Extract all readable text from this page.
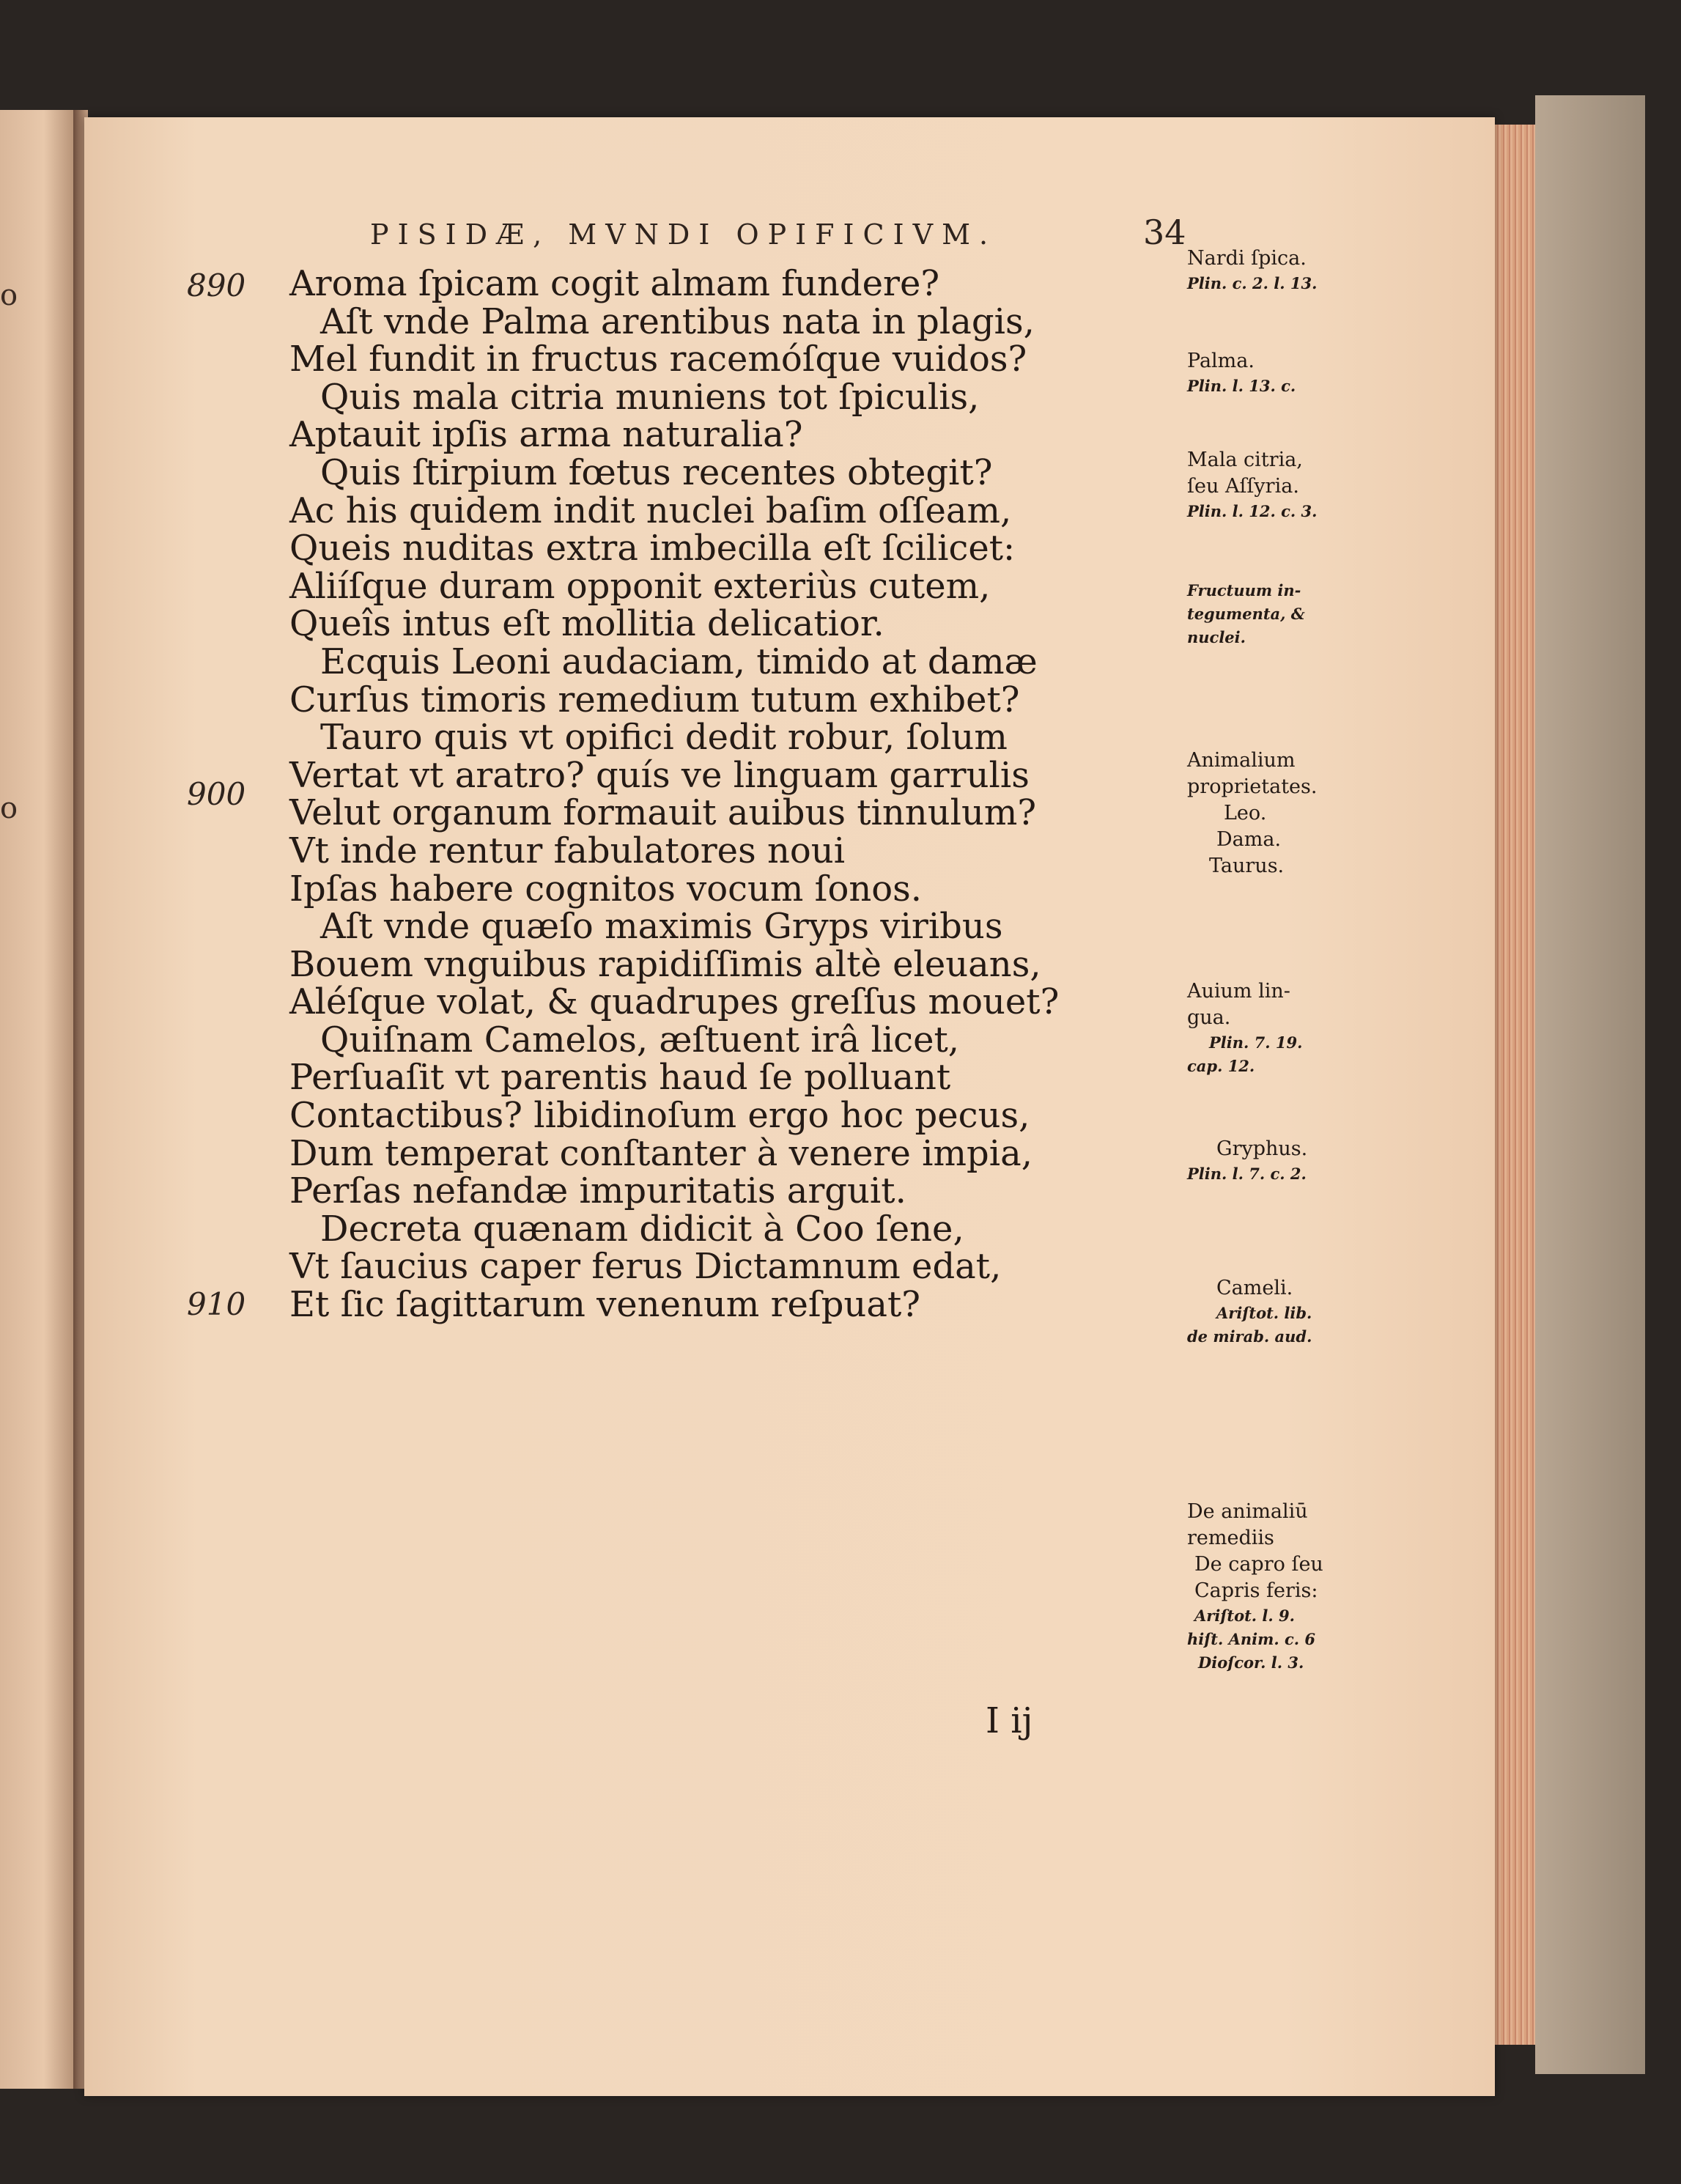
o
o
PISIDÆ, MVNDI OPIFICIVM.	34
890
900
910
Aroma ſpicam cogit almam fundere?
Aſt vnde Palma arentibus nata in plagis,
Mel fundit in fructus racemóſque vuidos?
Quis mala citria muniens tot ſpiculis,
Aptauit ipſis arma naturalia?
Quis ſtirpium fœtus recentes obtegit?
Ac his quidem indit nuclei baſim oſſeam,
Queis nuditas extra imbecilla eſt ſcilicet:
Aliíſque duram opponit exteriùs cutem,
Queîs intus eſt mollitia delicatior.
Ecquis Leoni audaciam, timido at damæ
Curſus timoris remedium tutum exhibet?
Tauro quis vt opifici dedit robur, ſolum
Vertat vt aratro? quís ve linguam garrulis
Velut organum formauit auibus tinnulum?
Vt inde rentur fabulatores noui
Ipſas habere cognitos vocum ſonos.
Aſt vnde quæſo maximis Gryps viribus
Bouem vnguibus rapidiſſimis altè eleuans,
Aléſque volat, & quadrupes greſſus mouet?
Quiſnam Camelos, æſtuent irâ licet,
Perſuaſit vt parentis haud ſe polluant
Contactibus? libidinoſum ergo hoc pecus,
Dum temperat conſtanter à venere impia,
Perſas nefandæ impuritatis arguit.
Decreta quænam didicit à Coo ſene,
Vt ſaucius caper ferus Dictamnum edat,
Et ſic ſagittarum venenum reſpuat?
I ij
Nardi ſpica.
Plin. c. 2. l. 13.
Palma.
Plin. l. 13. c.
Mala citria,
ſeu Aſſyria.
Plin. l. 12. c. 3.
Fructuum in-
tegumenta, &
nuclei.
Animalium
proprietates.
Leo.
Dama.
Taurus.
Auium lin-
gua.
Plin. 7. 19.
cap. 12.
Gryphus.
Plin. l. 7. c. 2.
Cameli.
Ariſtot. lib.
de mirab. aud.
De animaliū
remediis
De capro ſeu
Capris feris:
Ariſtot. l. 9.
hiſt. Anim. c. 6
Dioſcor. l. 3.
